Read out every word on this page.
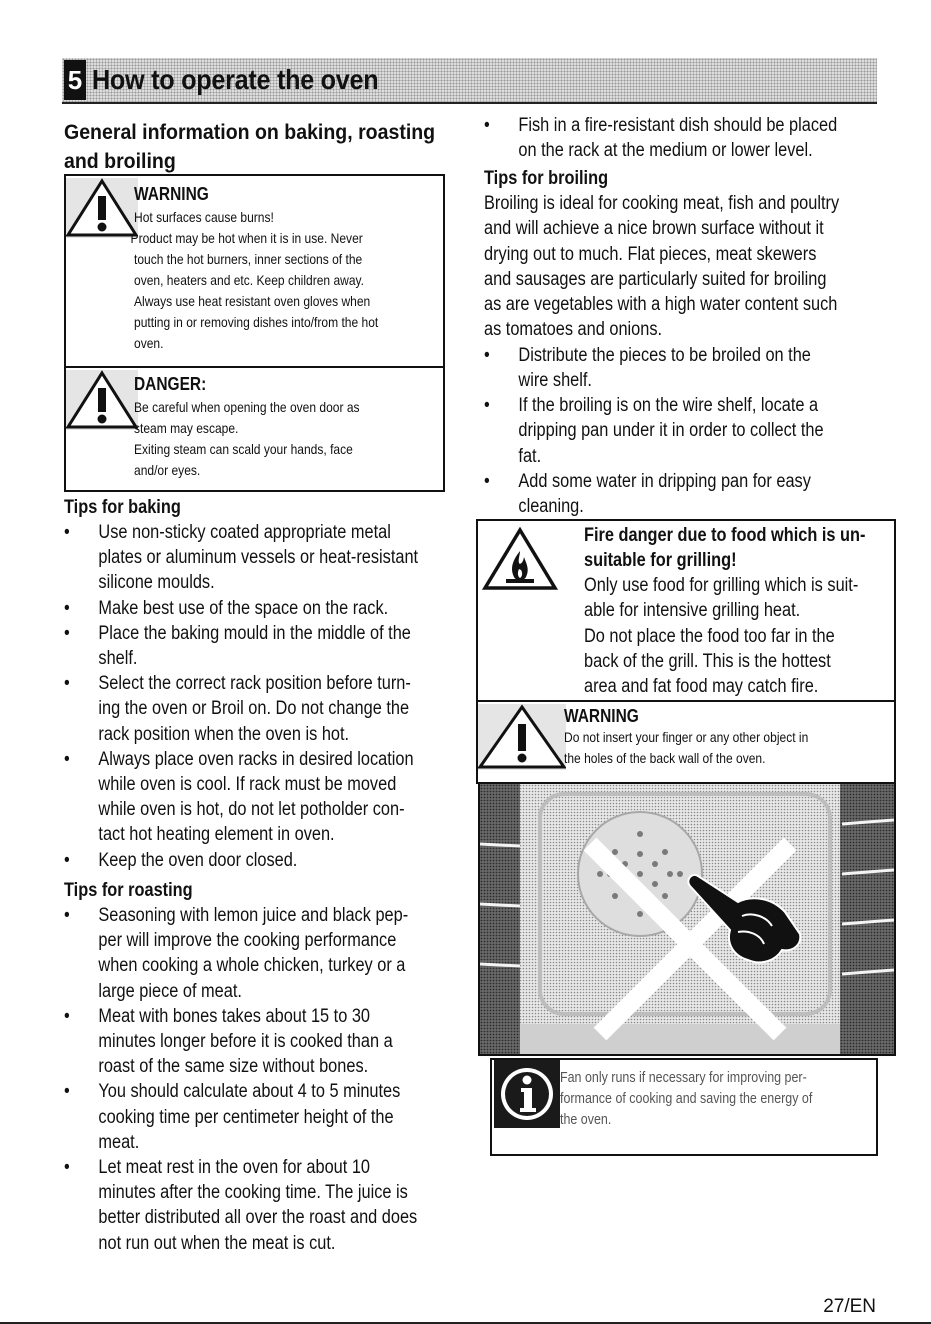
5 How to operate the oven
General information on baking, roasting and broiling
WARNING
Hot surfaces cause burns!
Product may be hot when it is in use. Never
touch the hot burners, inner sections of the
oven, heaters and etc. Keep children away.
Always use heat resistant oven gloves when
putting in or removing dishes into/from the hot
oven.
DANGER:
Be careful when opening the oven door as
steam may escape.
Exiting steam can scald your hands, face
and/or eyes.
Tips for baking
• Use non-sticky coated appropriate metal
plates or aluminum vessels or heat-resistant
silicone moulds.
• Make best use of the space on the rack.
• Place the baking mould in the middle of the
shelf.
• Select the correct rack position before turn-
ing the oven or Broil on. Do not change the
rack position when the oven is hot.
• Always place oven racks in desired location
while oven is cool. If rack must be moved
while oven is hot, do not let potholder con-
tact hot heating element in oven.
• Keep the oven door closed.
Tips for roasting
• Seasoning with lemon juice and black pep-
per will improve the cooking performance
when cooking a whole chicken, turkey or a
large piece of meat.
• Meat with bones takes about 15 to 30
minutes longer before it is cooked than a
roast of the same size without bones.
• You should calculate about 4 to 5 minutes
cooking time per centimeter height of the
meat.
• Let meat rest in the oven for about 10
minutes after the cooking time. The juice is
better distributed all over the roast and does
not run out when the meat is cut.
• Fish in a fire-resistant dish should be placed
on the rack at the medium or lower level.
Tips for broiling
Broiling is ideal for cooking meat, fish and poultry
and will achieve a nice brown surface without it
drying out to much. Flat pieces, meat skewers
and sausages are particularly suited for broiling
as are vegetables with a high water content such
as tomatoes and onions.
• Distribute the pieces to be broiled on the
wire shelf.
• If the broiling is on the wire shelf, locate a
dripping pan under it in order to collect the
fat.
• Add some water in dripping pan for easy
cleaning.
Fire danger due to food which is un-
suitable for grilling!
Only use food for grilling which is suit-
able for intensive grilling heat.
Do not place the food too far in the
back of the grill. This is the hottest
area and fat food may catch fire.
WARNING
Do not insert your finger or any other object in
the holes of the back wall of the oven.
Fan only runs if necessary for improving per-
formance of cooking and saving the energy of
the oven.
27/EN
